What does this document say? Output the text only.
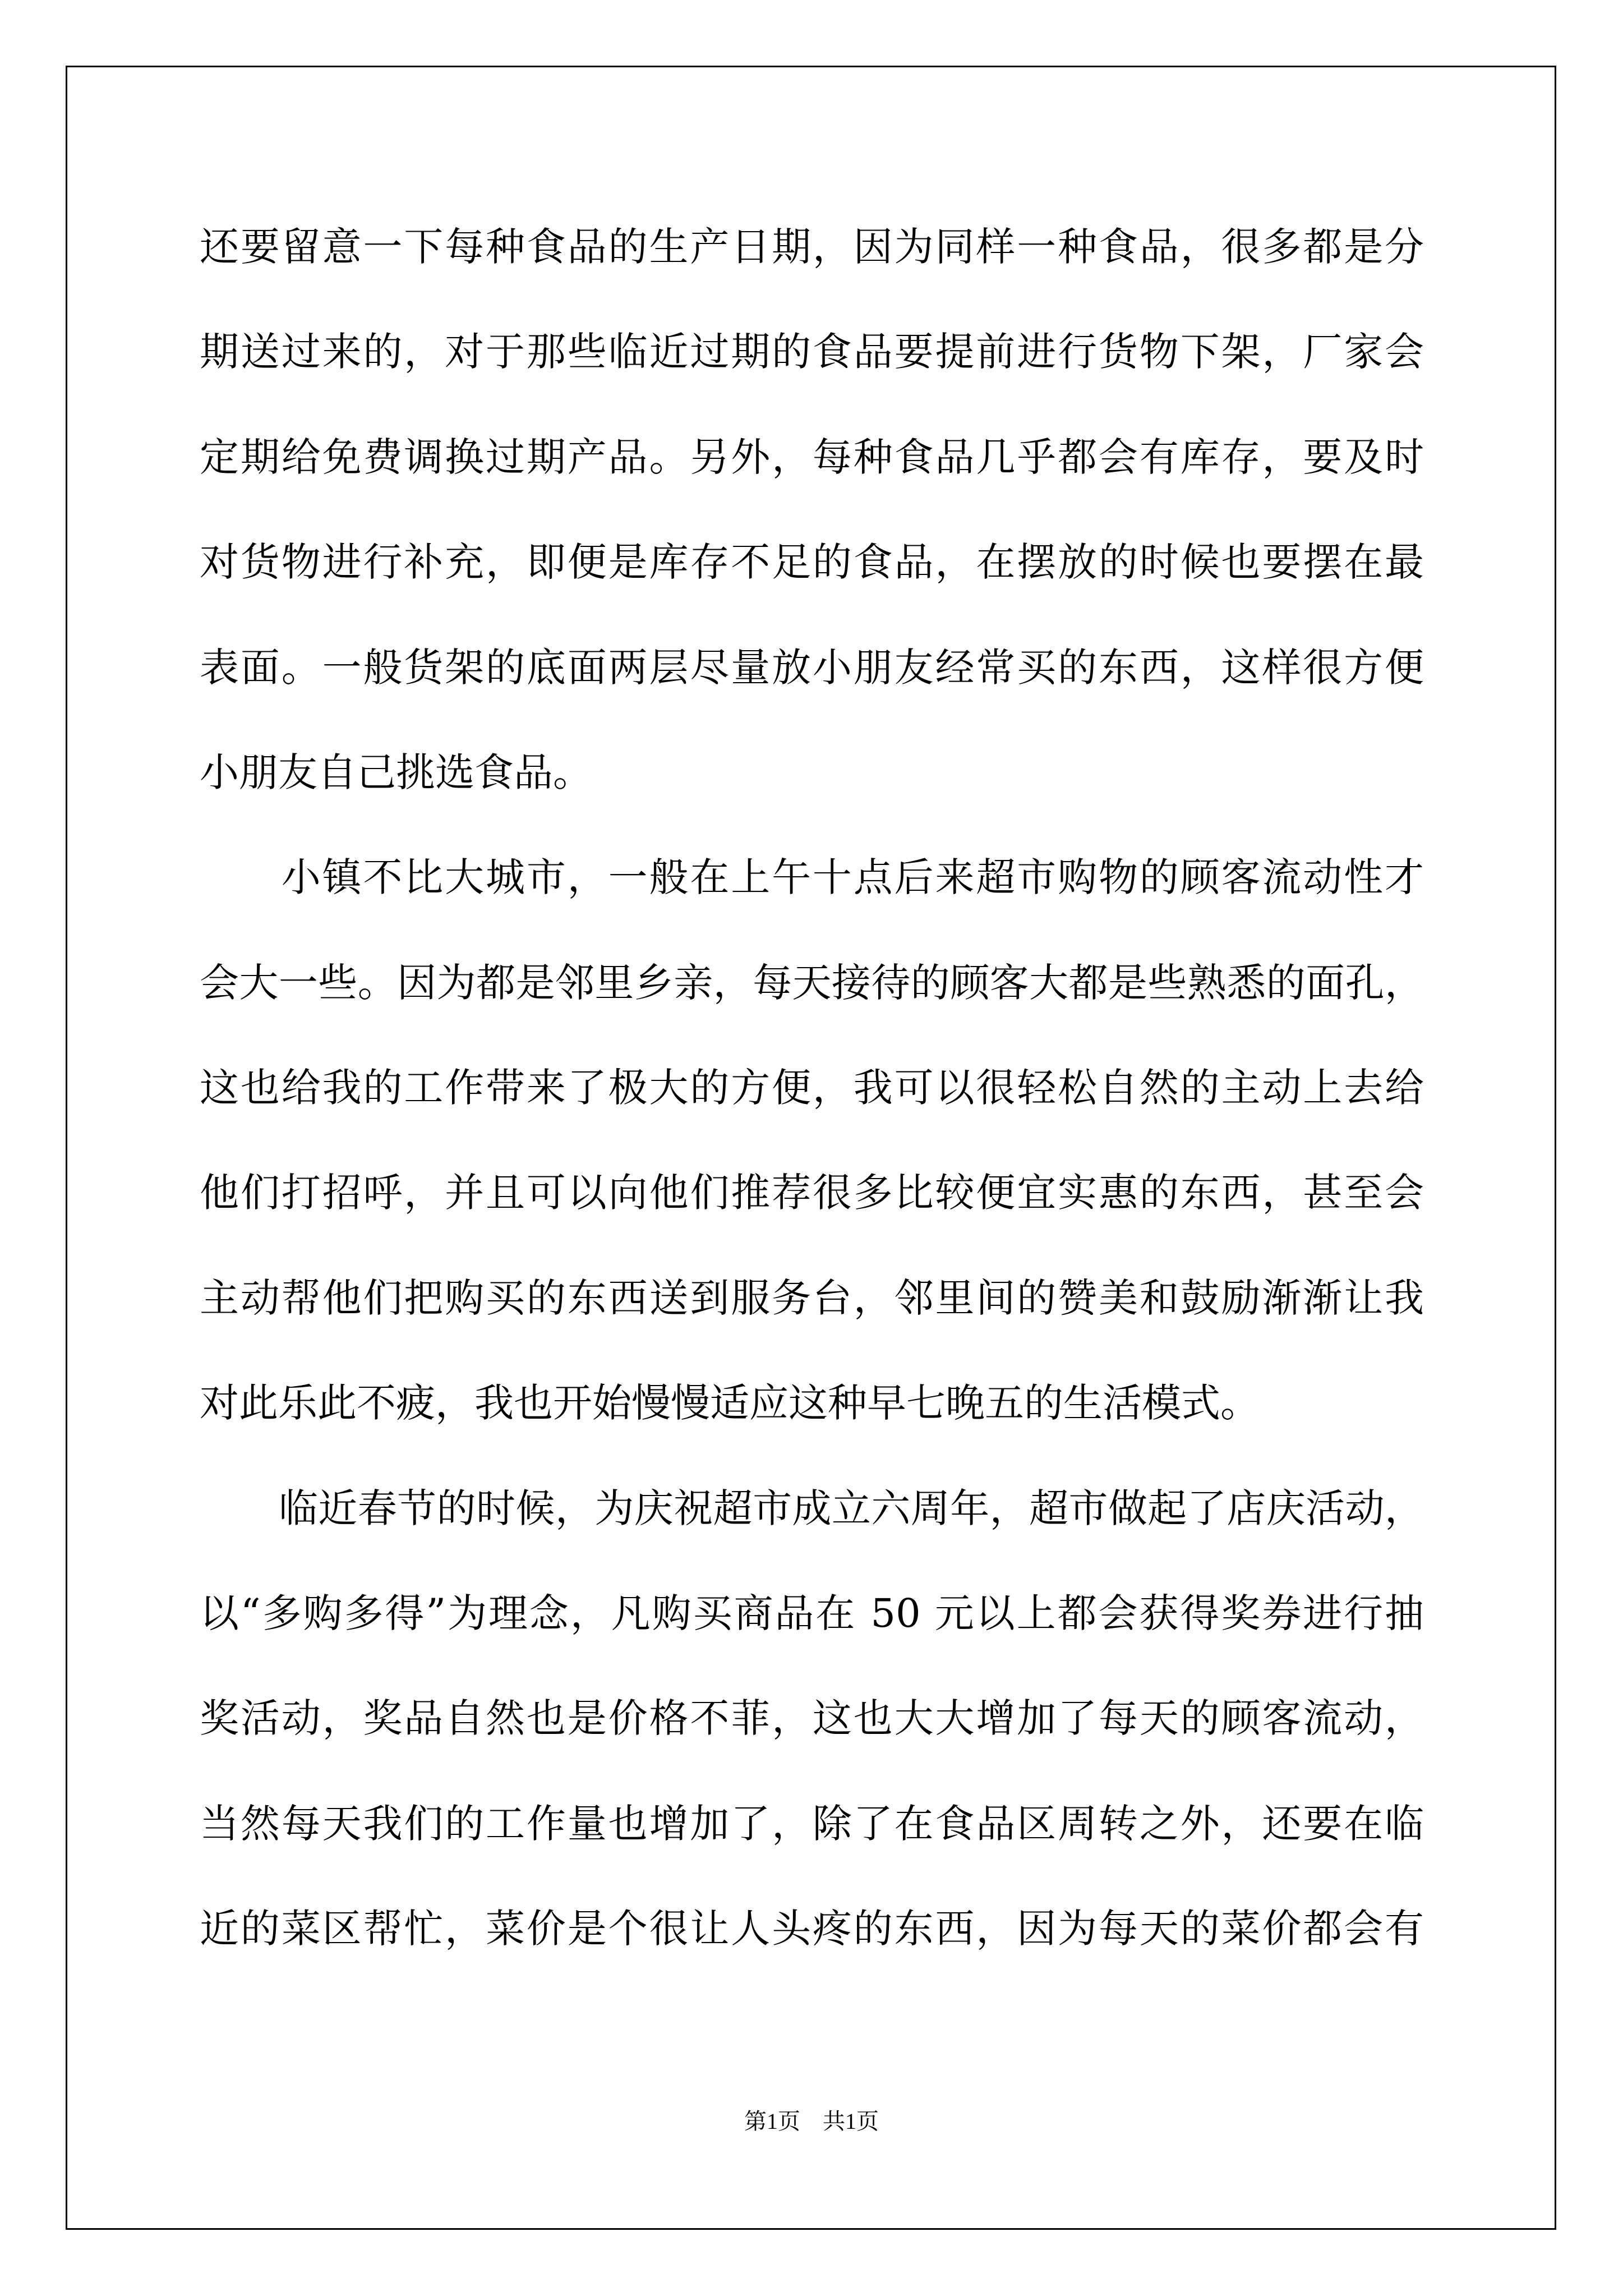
还要留意一下每种食品的生产日期，因为同样一种食品，很多都是分
期送过来的，对于那些临近过期的食品要提前进行货物下架，厂家会
定期给免费调换过期产品。另外，每种食品几乎都会有库存，要及时
对货物进行补充，即便是库存不足的食品，在摆放的时候也要摆在最
表面。一般货架的底面两层尽量放小朋友经常买的东西，这样很方便
小朋友自己挑选食品。
　　小镇不比大城市，一般在上午十点后来超市购物的顾客流动性才
会大一些。因为都是邻里乡亲，每天接待的顾客大都是些熟悉的面孔，
这也给我的工作带来了极大的方便，我可以很轻松自然的主动上去给
他们打招呼，并且可以向他们推荐很多比较便宜实惠的东西，甚至会
主动帮他们把购买的东西送到服务台，邻里间的赞美和鼓励渐渐让我
对此乐此不疲，我也开始慢慢适应这种早七晚五的生活模式。
　　临近春节的时候，为庆祝超市成立六周年，超市做起了店庆活动，
以“多购多得”为理念，凡购买商品在 50 元以上都会获得奖券进行抽
奖活动，奖品自然也是价格不菲，这也大大增加了每天的顾客流动，
当然每天我们的工作量也增加了，除了在食品区周转之外，还要在临
近的菜区帮忙，菜价是个很让人头疼的东西，因为每天的菜价都会有
第1页　共1页
